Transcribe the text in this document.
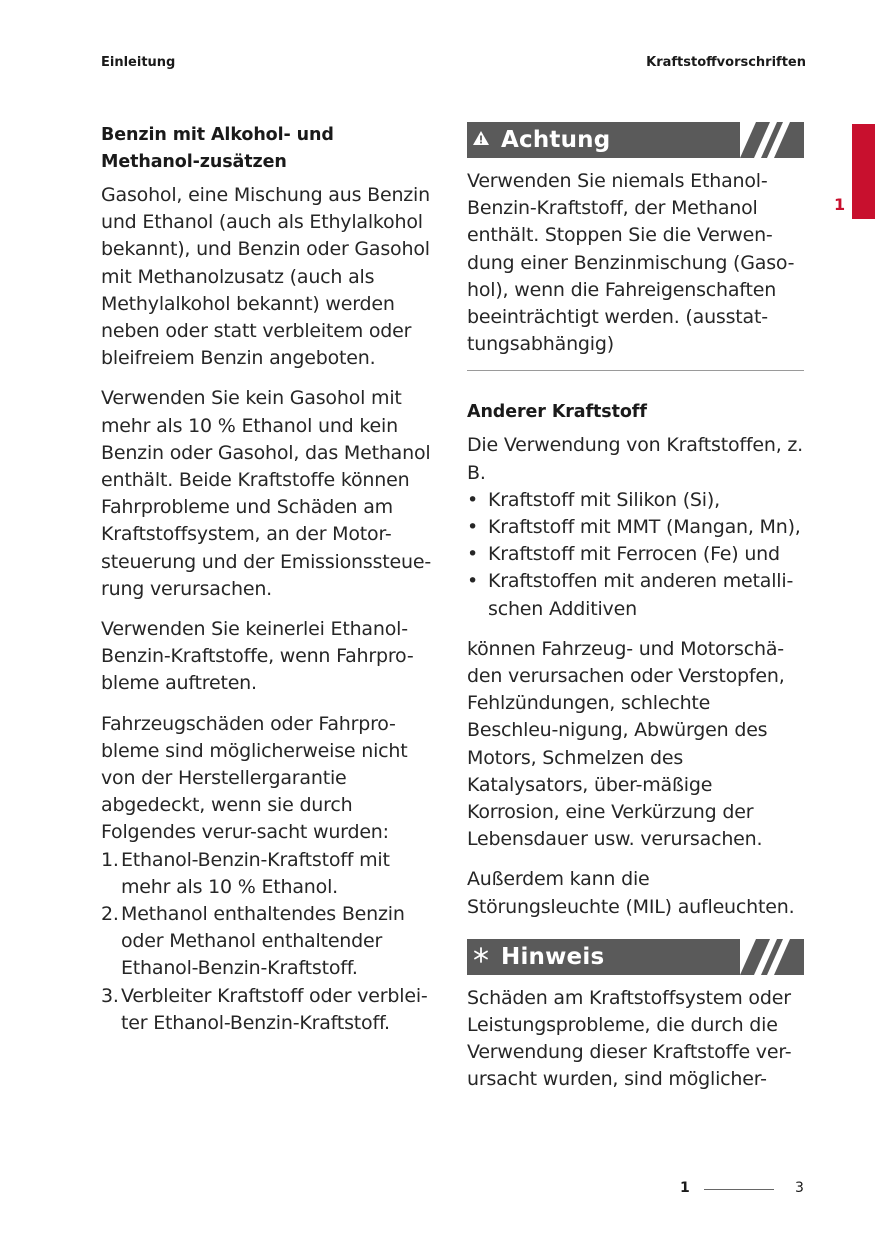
Einleitung	Kraftstoffvorschriften
1
Benzin mit Alkohol- und Methanol-zusätzen

Gasohol, eine Mischung aus Benzin und Ethanol (auch als Ethylalkohol bekannt), und Benzin oder Gasohol mit Methanolzusatz (auch als Methylalkohol bekannt) werden neben oder statt verbleitem oder bleifreiem Benzin angeboten.

Verwenden Sie kein Gasohol mit mehr als 10 % Ethanol und kein Benzin oder Gasohol, das Methanol enthält. Beide Kraftstoffe können Fahrprobleme und Schäden am Kraftstoffsystem, an der Motor-steuerung und der Emissionssteue-rung verursachen.

Verwenden Sie keinerlei Ethanol-Benzin-Kraftstoffe, wenn Fahrpro-bleme auftreten.

Fahrzeugschäden oder Fahrpro-bleme sind möglicherweise nicht von der Herstellergarantie abgedeckt, wenn sie durch Folgendes verur-sacht wurden:

1. Ethanol-Benzin-Kraftstoff mit mehr als 10 % Ethanol.
2. Methanol enthaltendes Benzin oder Methanol enthaltender Ethanol-Benzin-Kraftstoff.
3. Verbleiter Kraftstoff oder verblei-ter Ethanol-Benzin-Kraftstoff.
Achtung

Verwenden Sie niemals Ethanol-Benzin-Kraftstoff, der Methanol enthält. Stoppen Sie die Verwen-dung einer Benzinmischung (Gaso-hol), wenn die Fahreigenschaften beeinträchtigt werden. (ausstat-tungsabhängig)

Anderer Kraftstoff

Die Verwendung von Kraftstoffen, z. B.

• Kraftstoff mit Silikon (Si),
• Kraftstoff mit MMT (Mangan, Mn),
• Kraftstoff mit Ferrocen (Fe) und
• Kraftstoffen mit anderen metalli-schen Additiven

können Fahrzeug- und Motorschä-den verursachen oder Verstopfen, Fehlzündungen, schlechte Beschleu-nigung, Abwürgen des Motors, Schmelzen des Katalysators, über-mäßige Korrosion, eine Verkürzung der Lebensdauer usw. verursachen.

Außerdem kann die Störungsleuchte (MIL) aufleuchten.

Hinweis

Schäden am Kraftstoffsystem oder Leistungsprobleme, die durch die Verwendung dieser Kraftstoffe ver-ursacht wurden, sind möglicher-

1	3
